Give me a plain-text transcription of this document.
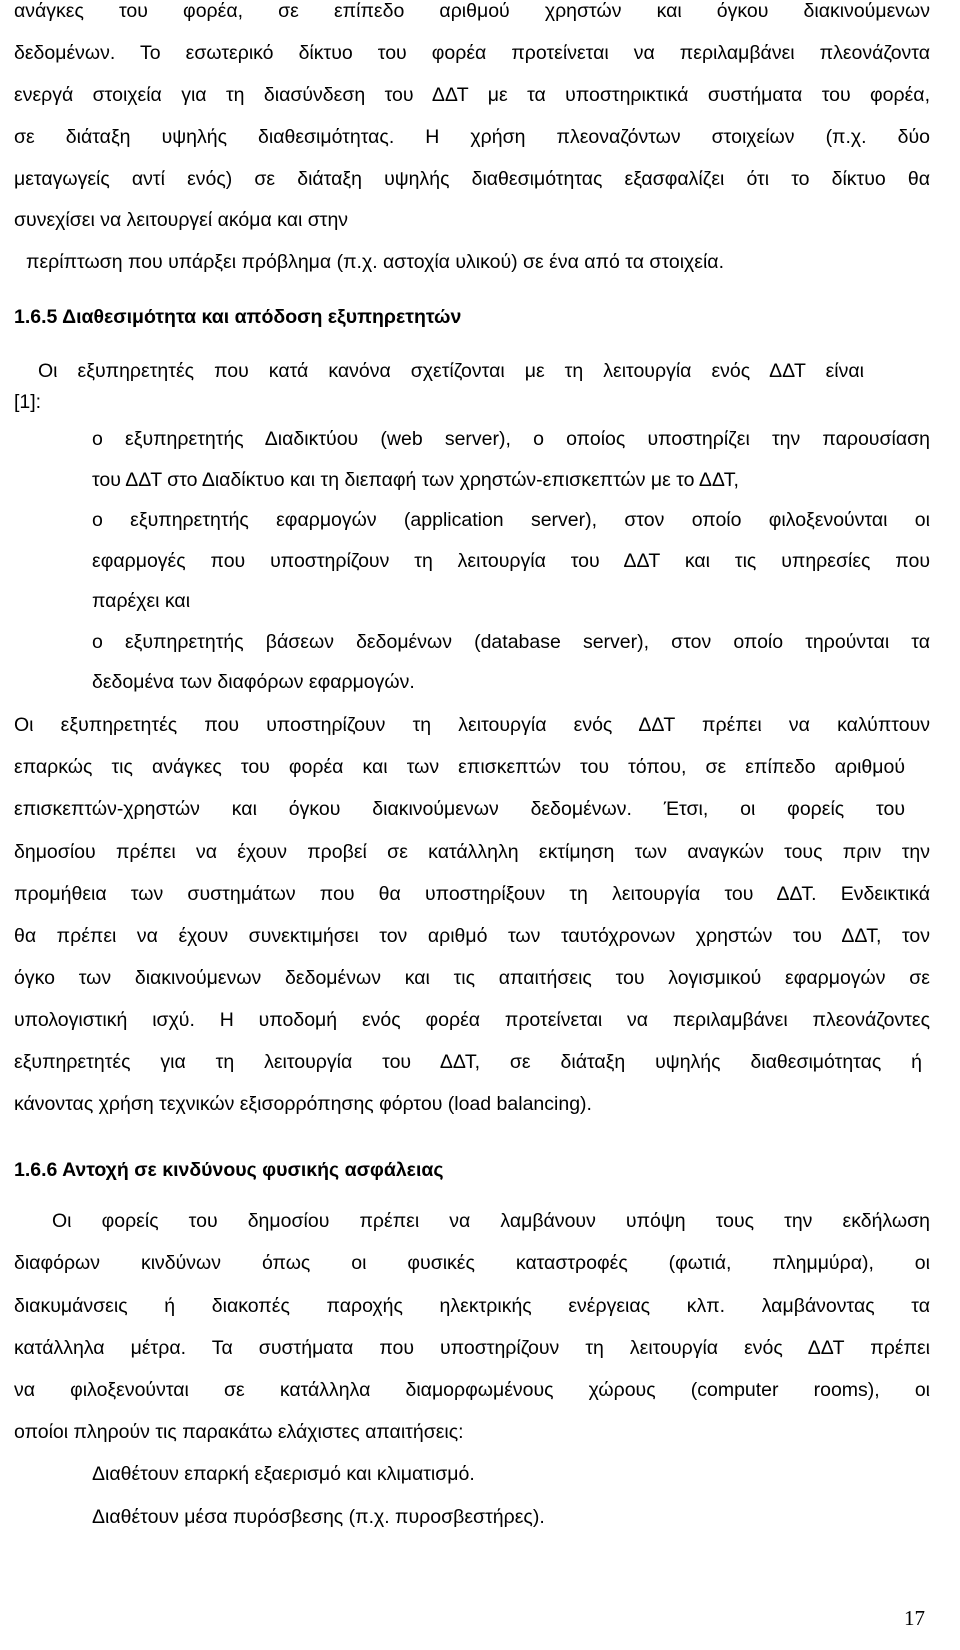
ανάγκες του φορέα, σε επίπεδο αριθμού χρηστών και όγκου διακινούμενων
δεδομένων. Το εσωτερικό δίκτυο του φορέα προτείνεται να περιλαμβάνει πλεονάζοντα
ενεργά στοιχεία για τη διασύνδεση του ΔΔΤ με τα υποστηρικτικά συστήματα του φορέα,
σε διάταξη υψηλής διαθεσιμότητας. Η χρήση πλεοναζόντων στοιχείων (π.χ. δύο
μεταγωγείς αντί ενός) σε διάταξη υψηλής διαθεσιμότητας εξασφαλίζει ότι το δίκτυο θα
συνεχίσει να λειτουργεί ακόμα και στην
περίπτωση που υπάρξει πρόβλημα (π.χ. αστοχία υλικού) σε ένα από τα στοιχεία.
1.6.5 Διαθεσιμότητα και απόδοση εξυπηρετητών
Οι εξυπηρετητές που κατά κανόνα σχετίζονται με τη λειτουργία ενός ΔΔΤ είναι
[1]:
ο εξυπηρετητής Διαδικτύου (web server), ο οποίος υποστηρίζει την παρουσίαση
του ΔΔΤ στο Διαδίκτυο και τη διεπαφή των χρηστών-επισκεπτών με το ΔΔΤ,
ο εξυπηρετητής εφαρμογών (application server), στον οποίο φιλοξενούνται οι
εφαρμογές που υποστηρίζουν τη λειτουργία του ΔΔΤ και τις υπηρεσίες που
παρέχει και
ο εξυπηρετητής βάσεων δεδομένων (database server), στον οποίο τηρούνται τα
δεδομένα των διαφόρων εφαρμογών.
Οι εξυπηρετητές που υποστηρίζουν τη λειτουργία ενός ΔΔΤ πρέπει να καλύπτουν
επαρκώς τις ανάγκες του φορέα και των επισκεπτών του τόπου, σε επίπεδο αριθμού
επισκεπτών-χρηστών και όγκου διακινούμενων δεδομένων. Έτσι, οι φορείς του
δημοσίου πρέπει να έχουν προβεί σε κατάλληλη εκτίμηση των αναγκών τους πριν την
προμήθεια των συστημάτων που θα υποστηρίξουν τη λειτουργία του ΔΔΤ. Ενδεικτικά
θα πρέπει να έχουν συνεκτιμήσει τον αριθμό των ταυτόχρονων χρηστών του ΔΔΤ, τον
όγκο των διακινούμενων δεδομένων και τις απαιτήσεις του λογισμικού εφαρμογών σε
υπολογιστική ισχύ. Η υποδομή ενός φορέα προτείνεται να περιλαμβάνει πλεονάζοντες
εξυπηρετητές για τη λειτουργία του ΔΔΤ, σε διάταξη υψηλής διαθεσιμότητας ή
κάνοντας χρήση τεχνικών εξισορρόπησης φόρτου (load balancing).
1.6.6 Αντοχή σε κινδύνους φυσικής ασφάλειας
Οι φορείς του δημοσίου πρέπει να λαμβάνουν υπόψη τους την εκδήλωση
διαφόρων κινδύνων όπως οι φυσικές καταστροφές (φωτιά, πλημμύρα), οι
διακυμάνσεις ή διακοπές παροχής ηλεκτρικής ενέργειας κλπ. λαμβάνοντας τα
κατάλληλα μέτρα. Τα συστήματα που υποστηρίζουν τη λειτουργία ενός ΔΔΤ πρέπει
να φιλοξενούνται σε κατάλληλα διαμορφωμένους χώρους (computer rooms), οι
οποίοι πληρούν τις παρακάτω ελάχιστες απαιτήσεις:
Διαθέτουν επαρκή εξαερισμό και κλιματισμό.
Διαθέτουν μέσα πυρόσβεσης (π.χ. πυροσβεστήρες).
17
